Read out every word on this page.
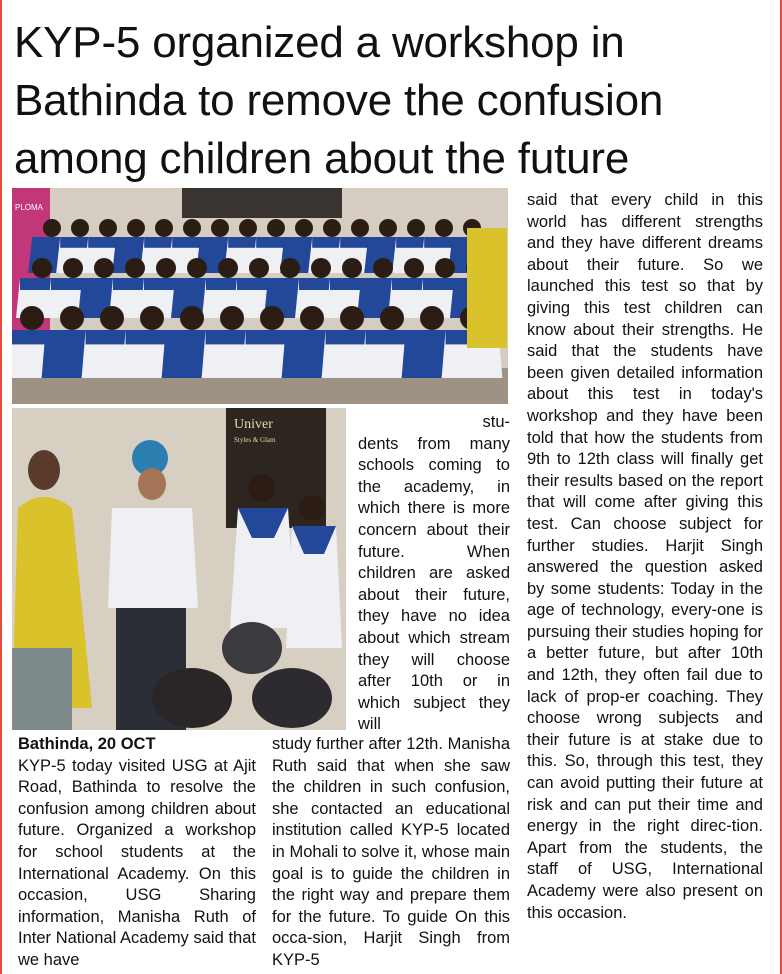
KYP-5 organized a workshop in Bathinda to remove the confusion among children about the future
PLOMA
Univer
Styles & Glam
Bathinda, 20 OCT

KYP-5 today visited USG at Ajit Road, Bathinda to resolve the confusion among children about future. Organized a workshop for school students at the International Academy. On this occasion, USG Sharing information, Manisha Ruth of Inter National Academy said that we have

stu-

dents from many schools coming to the academy, in which there is more concern about their future. When children are asked about their future, they have no idea about which stream they will choose after 10th or in which subject they will

study further after 12th. Manisha Ruth said that when she saw the children in such confusion, she contacted an educational institution called KYP-5 located in Mohali to solve it, whose main goal is to guide the children in the right way and prepare them for the future. To guide On this occa-sion, Harjit Singh from KYP-5

said that every child in this world has different strengths and they have different dreams about their future. So we launched this test so that by giving this test children can know about their strengths. He said that the students have been given detailed information about this test in today's workshop and they have been told that how the students from 9th to 12th class will finally get their results based on the report that will come after giving this test. Can choose subject for further studies. Harjit Singh answered the question asked by some students: Today in the age of technology, every-one is pursuing their studies hoping for a better future, but after 10th and 12th, they often fail due to lack of prop-er coaching. They choose wrong subjects and their future is at stake due to this. So, through this test, they can avoid putting their future at risk and can put their time and energy in the right direc-tion. Apart from the students, the staff of USG, International Academy were also present on this occasion.
